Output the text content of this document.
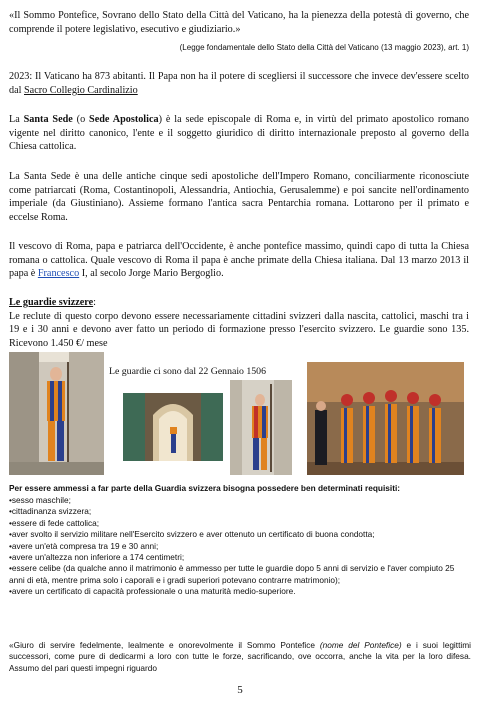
«Il Sommo Pontefice, Sovrano dello Stato della Città del Vaticano, ha la pienezza della potestà di governo, che comprende il potere legislativo, esecutivo e giudiziario.»

(Legge fondamentale dello Stato della Città del Vaticano (13 maggio 2023), art. 1)

2023: Il Vaticano ha 873 abitanti. Il Papa non ha il potere di scegliersi il successore che invece dev'essere scelto dal Sacro Collegio Cardinalizio

La Santa Sede (o Sede Apostolica) è la sede episcopale di Roma e, in virtù del primato apostolico romano vigente nel diritto canonico, l'ente e il soggetto giuridico di diritto internazionale preposto al governo della Chiesa cattolica.

La Santa Sede è una delle antiche cinque sedi apostoliche dell'Impero Romano, conciliarmente riconosciute come patriarcati (Roma, Costantinopoli, Alessandria, Antiochia, Gerusalemme) e poi sancite nell'ordinamento imperiale (da Giustiniano). Assieme formano l'antica sacra Pentarchia romana. Lottarono per il primato e eccelse Roma.

Il vescovo di Roma, papa e patriarca dell'Occidente, è anche pontefice massimo, quindi capo di tutta la Chiesa romana o cattolica. Quale vescovo di Roma il papa è anche primate della Chiesa italiana. Dal 13 marzo 2013 il papa è Francesco I, al secolo Jorge Mario Bergoglio.

Le guardie svizzere:
Le reclute di questo corpo devono essere necessariamente cittadini svizzeri dalla nascita, cattolici, maschi tra i 19 e i 30 anni e devono aver fatto un periodo di formazione presso l'esercito svizzero. Le guardie sono 135. Ricevono 1.450 €/ mese

Le guardie ci sono dal 22 Gennaio 1506

Per essere ammessi a far parte della Guardia svizzera bisogna possedere ben determinati requisiti:

•sesso maschile;
•cittadinanza svizzera;
•essere di fede cattolica;
•aver svolto il servizio militare nell'Esercito svizzero e aver ottenuto un certificato di buona condotta;
•avere un'età compresa tra 19 e 30 anni;
•avere un'altezza non inferiore a 174 centimetri;
•essere celibe (da qualche anno il matrimonio è ammesso per tutte le guardie dopo 5 anni di servizio e l'aver compiuto 25 anni di età, mentre prima solo i caporali e i gradi superiori potevano contrarre matrimonio);
•avere un certificato di capacità professionale o una maturità medio-superiore.

«Giuro di servire fedelmente, lealmente e onorevolmente il Sommo Pontefice (nome del Pontefice) e i suoi legittimi successori, come pure di dedicarmi a loro con tutte le forze, sacrificando, ove occorra, anche la vita per la loro difesa. Assumo del pari questi impegni riguardo

5
